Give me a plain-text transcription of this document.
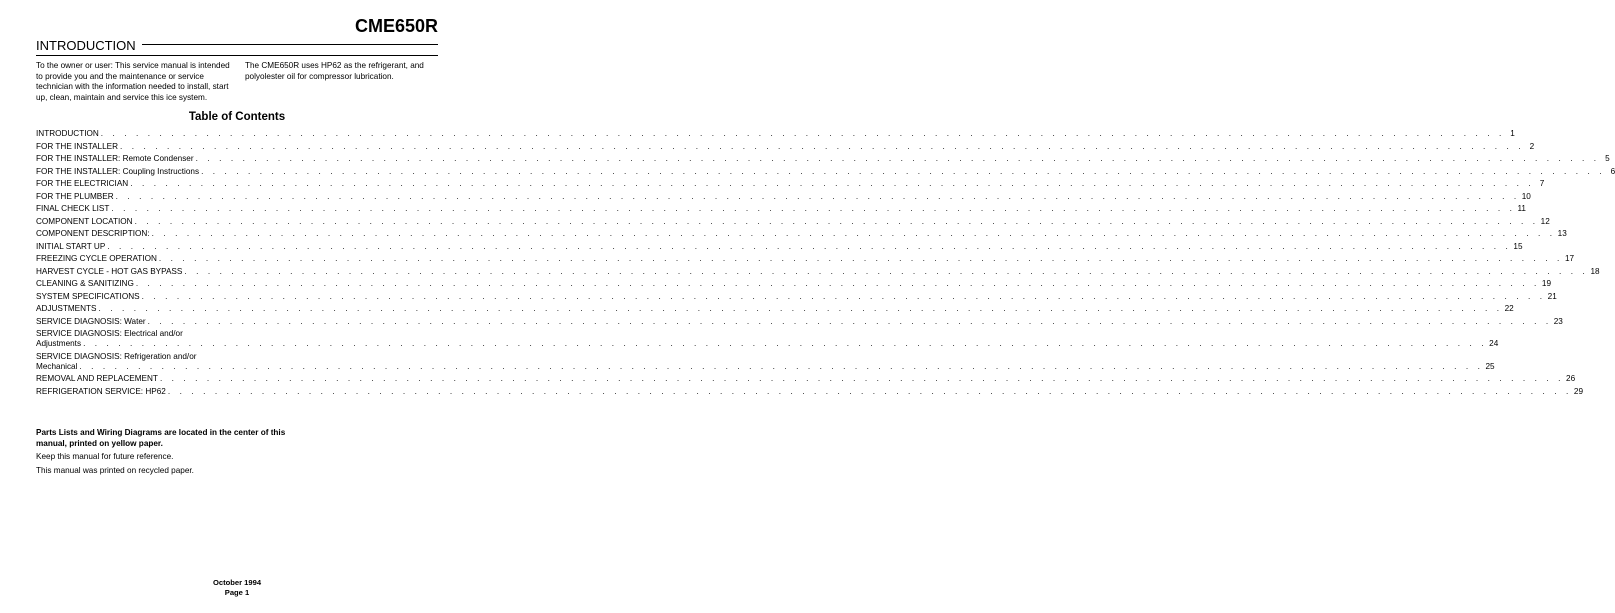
CME650R
INTRODUCTION
To the owner or user: This service manual is intended to provide you and the maintenance or service technician with the information needed to install, start up, clean, maintain and service this ice system.
The CME650R uses HP62 as the refrigerant, and polyolester oil for compressor lubrication.
Table of Contents
INTRODUCTION . . . . . . . . . . . . . . . . . . . . . . . . . . . . . . . . . . . . . . . . . . . . . . . . . . . . . . . . . . . . . . . . . . . . . . . . . . . . . . . . . . . . . . . . . . . . . . . . . . . . . . . . . . . . . . . . . . . . . . . . 1
FOR THE INSTALLER . . . . . . . . . . . . . . . . . . . . . . . . . . . . . . . . . . . . . . . . . . . . . . . . . . . . . . . . . . . . . . . . . . . . . . . . . . . . . . . . . . . . . . . . . . . . . . . . . . . . . . . . . . . . . . . . . . . . . . . . 2
FOR THE INSTALLER: Remote Condenser . . . . . . . . . . . . . . . . . . . . . . . . . . . . . . . . . . . . . . . . . . . . . . . . . . . . . . . . . . . . . . . . . . . . . . . . . . . . . . . . . . . . . . . . . . . . . . . . . . . . . . . . . . . . . . . . . . . . . . . . 5
FOR THE INSTALLER: Coupling Instructions . . . . . . . . . . . . . . . . . . . . . . . . . . . . . . . . . . . . . . . . . . . . . . . . . . . . . . . . . . . . . . . . . . . . . . . . . . . . . . . . . . . . . . . . . . . . . . . . . . . . . . . . . . . . . . . . . . . . . . . . 6
FOR THE ELECTRICIAN . . . . . . . . . . . . . . . . . . . . . . . . . . . . . . . . . . . . . . . . . . . . . . . . . . . . . . . . . . . . . . . . . . . . . . . . . . . . . . . . . . . . . . . . . . . . . . . . . . . . . . . . . . . . . . . . . . . . . . . . 7
FOR THE PLUMBER . . . . . . . . . . . . . . . . . . . . . . . . . . . . . . . . . . . . . . . . . . . . . . . . . . . . . . . . . . . . . . . . . . . . . . . . . . . . . . . . . . . . . . . . . . . . . . . . . . . . . . . . . . . . . . . . . . . . . . . . 10
FINAL CHECK LIST . . . . . . . . . . . . . . . . . . . . . . . . . . . . . . . . . . . . . . . . . . . . . . . . . . . . . . . . . . . . . . . . . . . . . . . . . . . . . . . . . . . . . . . . . . . . . . . . . . . . . . . . . . . . . . . . . . . . . . . . 11
COMPONENT LOCATION . . . . . . . . . . . . . . . . . . . . . . . . . . . . . . . . . . . . . . . . . . . . . . . . . . . . . . . . . . . . . . . . . . . . . . . . . . . . . . . . . . . . . . . . . . . . . . . . . . . . . . . . . . . . . . . . . . . . . . . . 12
COMPONENT DESCRIPTION: . . . . . . . . . . . . . . . . . . . . . . . . . . . . . . . . . . . . . . . . . . . . . . . . . . . . . . . . . . . . . . . . . . . . . . . . . . . . . . . . . . . . . . . . . . . . . . . . . . . . . . . . . . . . . . . . . . . . . . . . 13
INITIAL START UP . . . . . . . . . . . . . . . . . . . . . . . . . . . . . . . . . . . . . . . . . . . . . . . . . . . . . . . . . . . . . . . . . . . . . . . . . . . . . . . . . . . . . . . . . . . . . . . . . . . . . . . . . . . . . . . . . . . . . . . . 15
FREEZING CYCLE OPERATION . . . . . . . . . . . . . . . . . . . . . . . . . . . . . . . . . . . . . . . . . . . . . . . . . . . . . . . . . . . . . . . . . . . . . . . . . . . . . . . . . . . . . . . . . . . . . . . . . . . . . . . . . . . . . . . . . . . . . . . . 17
HARVEST CYCLE - HOT GAS BYPASS . . . . . . . . . . . . . . . . . . . . . . . . . . . . . . . . . . . . . . . . . . . . . . . . . . . . . . . . . . . . . . . . . . . . . . . . . . . . . . . . . . . . . . . . . . . . . . . . . . . . . . . . . . . . . . . . . . . . . . . . 18
CLEANING & SANITIZING . . . . . . . . . . . . . . . . . . . . . . . . . . . . . . . . . . . . . . . . . . . . . . . . . . . . . . . . . . . . . . . . . . . . . . . . . . . . . . . . . . . . . . . . . . . . . . . . . . . . . . . . . . . . . . . . . . . . . . . . 19
SYSTEM SPECIFICATIONS . . . . . . . . . . . . . . . . . . . . . . . . . . . . . . . . . . . . . . . . . . . . . . . . . . . . . . . . . . . . . . . . . . . . . . . . . . . . . . . . . . . . . . . . . . . . . . . . . . . . . . . . . . . . . . . . . . . . . . . . 21
ADJUSTMENTS . . . . . . . . . . . . . . . . . . . . . . . . . . . . . . . . . . . . . . . . . . . . . . . . . . . . . . . . . . . . . . . . . . . . . . . . . . . . . . . . . . . . . . . . . . . . . . . . . . . . . . . . . . . . . . . . . . . . . . . . 22
SERVICE DIAGNOSIS: Water . . . . . . . . . . . . . . . . . . . . . . . . . . . . . . . . . . . . . . . . . . . . . . . . . . . . . . . . . . . . . . . . . . . . . . . . . . . . . . . . . . . . . . . . . . . . . . . . . . . . . . . . . . . . . . . . . . . . . . . . 23
SERVICE DIAGNOSIS: Electrical and/or
Adjustments . . . . . . . . . . . . . . . . . . . . . . . . . . . . . . . . . . . . . . . . . . . . . . . . . . . . . . . . . . . . . . . . . . . . . . . . . . . . . . . . . . . . . . . . . . . . . . . . . . . . . . . . . . . . . . . . . . . . . . . . 24
SERVICE DIAGNOSIS: Refrigeration and/or
Mechanical . . . . . . . . . . . . . . . . . . . . . . . . . . . . . . . . . . . . . . . . . . . . . . . . . . . . . . . . . . . . . . . . . . . . . . . . . . . . . . . . . . . . . . . . . . . . . . . . . . . . . . . . . . . . . . . . . . . . . . . . 25
REMOVAL AND REPLACEMENT . . . . . . . . . . . . . . . . . . . . . . . . . . . . . . . . . . . . . . . . . . . . . . . . . . . . . . . . . . . . . . . . . . . . . . . . . . . . . . . . . . . . . . . . . . . . . . . . . . . . . . . . . . . . . . . . . . . . . . . . 26
REFRIGERATION SERVICE: HP62 . . . . . . . . . . . . . . . . . . . . . . . . . . . . . . . . . . . . . . . . . . . . . . . . . . . . . . . . . . . . . . . . . . . . . . . . . . . . . . . . . . . . . . . . . . . . . . . . . . . . . . . . . . . . . . . . . . . . . . . . 29

Parts Lists and Wiring Diagrams are located in the center of this manual, printed on yellow paper.

Keep this manual for future reference.

This manual was printed on recycled paper.

October 1994
Page 1
